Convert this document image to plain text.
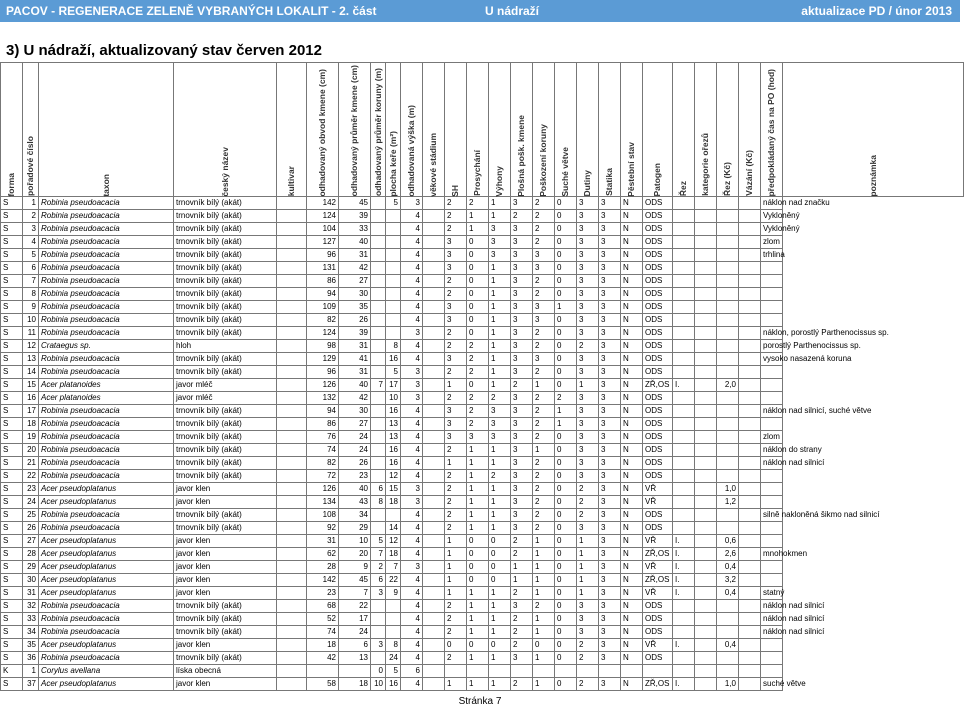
PACOV - REGENERACE ZELENĚ VYBRANÝCH LOKALIT - 2. část	U nádraží	aktualizace PD / únor 2013
3) U nádraží, aktualizovaný stav červen 2012
forma	pořadové číslo	taxon	český název	kultivar	odhadovaný obvod kmene (cm)	odhadovaný průměr kmene (cm)	odhadovaný průměr koruny (m)	plocha keře (m²)	odhadovaná výška (m)	věkové stádium	SH	Prosychání	Výhony	Plošná pošk. kmene	Poškození koruny	Suché větve	Dutiny	Statika	Pěstební stav	Patogen	Řez	kategorie ořezů	Řez (Kč)	Vázání (Kč)	předpokládaný čas na PO (hod)	poznámka

S	1	Robinia pseudoacacia	trnovník bílý (akát)		142	45		5	3		2	2	1	3	2	0	3	3	N	ODS					náklon nad značku	
S	2	Robinia pseudoacacia	trnovník bílý (akát)		124	39			4		2	1	1	2	2	0	3	3	N	ODS					Vykloněný	
S	3	Robinia pseudoacacia	trnovník bílý (akát)		104	33			4		2	1	3	3	2	0	3	3	N	ODS					Vykloněný	
S	4	Robinia pseudoacacia	trnovník bílý (akát)		127	40			4		3	0	3	3	2	0	3	3	N	ODS					zlom	
S	5	Robinia pseudoacacia	trnovník bílý (akát)		96	31			4		3	0	3	3	3	0	3	3	N	ODS					trhlina	
S	6	Robinia pseudoacacia	trnovník bílý (akát)		131	42			4		3	0	1	3	3	0	3	3	N	ODS						
S	7	Robinia pseudoacacia	trnovník bílý (akát)		86	27			4		2	0	1	3	2	0	3	3	N	ODS						
S	8	Robinia pseudoacacia	trnovník bílý (akát)		94	30			4		2	0	1	3	2	0	3	3	N	ODS						
S	9	Robinia pseudoacacia	trnovník bílý (akát)		109	35			4		3	0	1	3	3	1	3	3	N	ODS						
S	10	Robinia pseudoacacia	trnovník bílý (akát)		82	26			4		3	0	1	3	3	0	3	3	N	ODS						
S	11	Robinia pseudoacacia	trnovník bílý (akát)		124	39			3		2	0	1	3	2	0	3	3	N	ODS					náklon, porostlý Parthenocissus sp.	
S	12	Crataegus sp.	hloh		98	31		8	4		2	2	1	3	2	0	2	3	N	ODS					porostlý Parthenocissus sp.	
S	13	Robinia pseudoacacia	trnovník bílý (akát)		129	41		16	4		3	2	1	3	3	0	3	3	N	ODS					vysoko nasazená koruna	
S	14	Robinia pseudoacacia	trnovník bílý (akát)		96	31		5	3		2	2	1	3	2	0	3	3	N	ODS						
S	15	Acer platanoides	javor mléč		126	40	7	17	3		1	0	1	2	1	0	1	3	N	ZŘ,OS	I.		2,0			
S	16	Acer platanoides	javor mléč		132	42		10	3		2	2	2	3	2	2	3	3	N	ODS						
S	17	Robinia pseudoacacia	trnovník bílý (akát)		94	30		16	4		3	2	3	3	2	1	3	3	N	ODS					náklon nad silnicí, suché větve	
S	18	Robinia pseudoacacia	trnovník bílý (akát)		86	27		13	4		3	2	3	3	2	1	3	3	N	ODS						
S	19	Robinia pseudoacacia	trnovník bílý (akát)		76	24		13	4		3	3	3	3	2	0	3	3	N	ODS					zlom	
S	20	Robinia pseudoacacia	trnovník bílý (akát)		74	24		16	4		2	1	1	3	1	0	3	3	N	ODS					náklon do strany	
S	21	Robinia pseudoacacia	trnovník bílý (akát)		82	26		16	4		1	1	1	3	2	0	3	3	N	ODS					náklon nad silnicí	
S	22	Robinia pseudoacacia	trnovník bílý (akát)		72	23		12	4		2	1	2	3	2	0	3	3	N	ODS						
S	23	Acer pseudoplatanus	javor klen		126	40	6	15	3		2	1	1	3	2	0	2	3	N	VŘ			1,0			
S	24	Acer pseudoplatanus	javor klen		134	43	8	18	3		2	1	1	3	2	0	2	3	N	VŘ			1,2			
S	25	Robinia pseudoacacia	trnovník bílý (akát)		108	34			4		2	1	1	3	2	0	2	3	N	ODS					silně nakloněná šikmo nad silnicí	
S	26	Robinia pseudoacacia	trnovník bílý (akát)		92	29		14	4		2	1	1	3	2	0	3	3	N	ODS						
S	27	Acer pseudoplatanus	javor klen		31	10	5	12	4		1	0	0	2	1	0	1	3	N	VŘ	I.		0,6			
S	28	Acer pseudoplatanus	javor klen		62	20	7	18	4		1	0	0	2	1	0	1	3	N	ZŘ,OS	I.		2,6		mnohokmen	
S	29	Acer pseudoplatanus	javor klen		28	9	2	7	3		1	0	0	1	1	0	1	3	N	VŘ	I.		0,4			
S	30	Acer pseudoplatanus	javor klen		142	45	6	22	4		1	0	0	1	1	0	1	3	N	ZŘ,OS	I.		3,2			
S	31	Acer pseudoplatanus	javor klen		23	7	3	9	4		1	1	1	2	1	0	1	3	N	VŘ	I.		0,4		statný	
S	32	Robinia pseudoacacia	trnovník bílý (akát)		68	22			4		2	1	1	3	2	0	3	3	N	ODS					náklon nad silnicí	
S	33	Robinia pseudoacacia	trnovník bílý (akát)		52	17			4		2	1	1	2	1	0	3	3	N	ODS					náklon nad silnicí	
S	34	Robinia pseudoacacia	trnovník bílý (akát)		74	24			4		2	1	1	2	1	0	3	3	N	ODS					náklon nad silnicí	
S	35	Acer pseudoplatanus	javor klen		18	6	3	8	4		0	0	0	2	0	0	2	3	N	VŘ	I.		0,4			
S	36	Robinia pseudoacacia	trnovník bílý (akát)		42	13		24	4		2	1	1	3	1	0	2	3	N	ODS						
K	1	Corylus avellana	líska obecná				0	5	6																	
S	37	Acer pseudoplatanus	javor klen		58	18	10	16	4		1	1	1	2	1	0	2	3	N	ZŘ,OS	I.		1,0		suché větve	
Stránka 7
